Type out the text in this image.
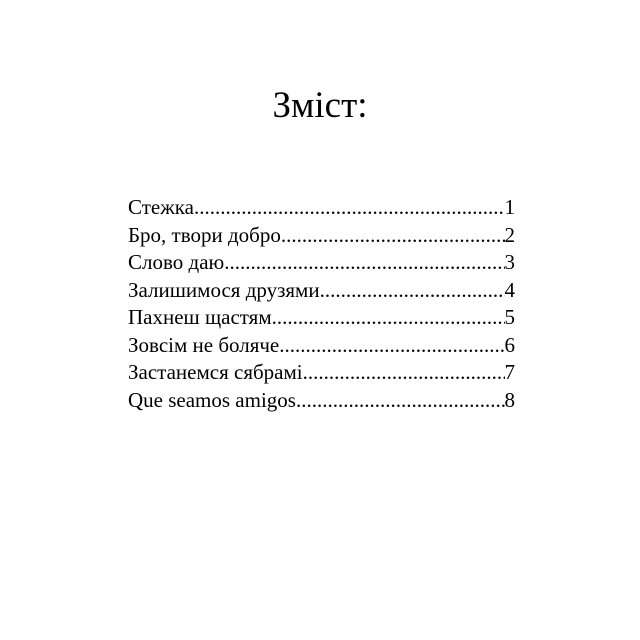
Зміст:
Стежка .....	1
Бро, твори добро .....	2
Слово даю .....	3
Залишимося друзями .....	4
Пахнеш щастям .....	5
Зовсім не боляче .....	6
Застанемся сябрамі .....	7
Que seamos amigos .....	8
